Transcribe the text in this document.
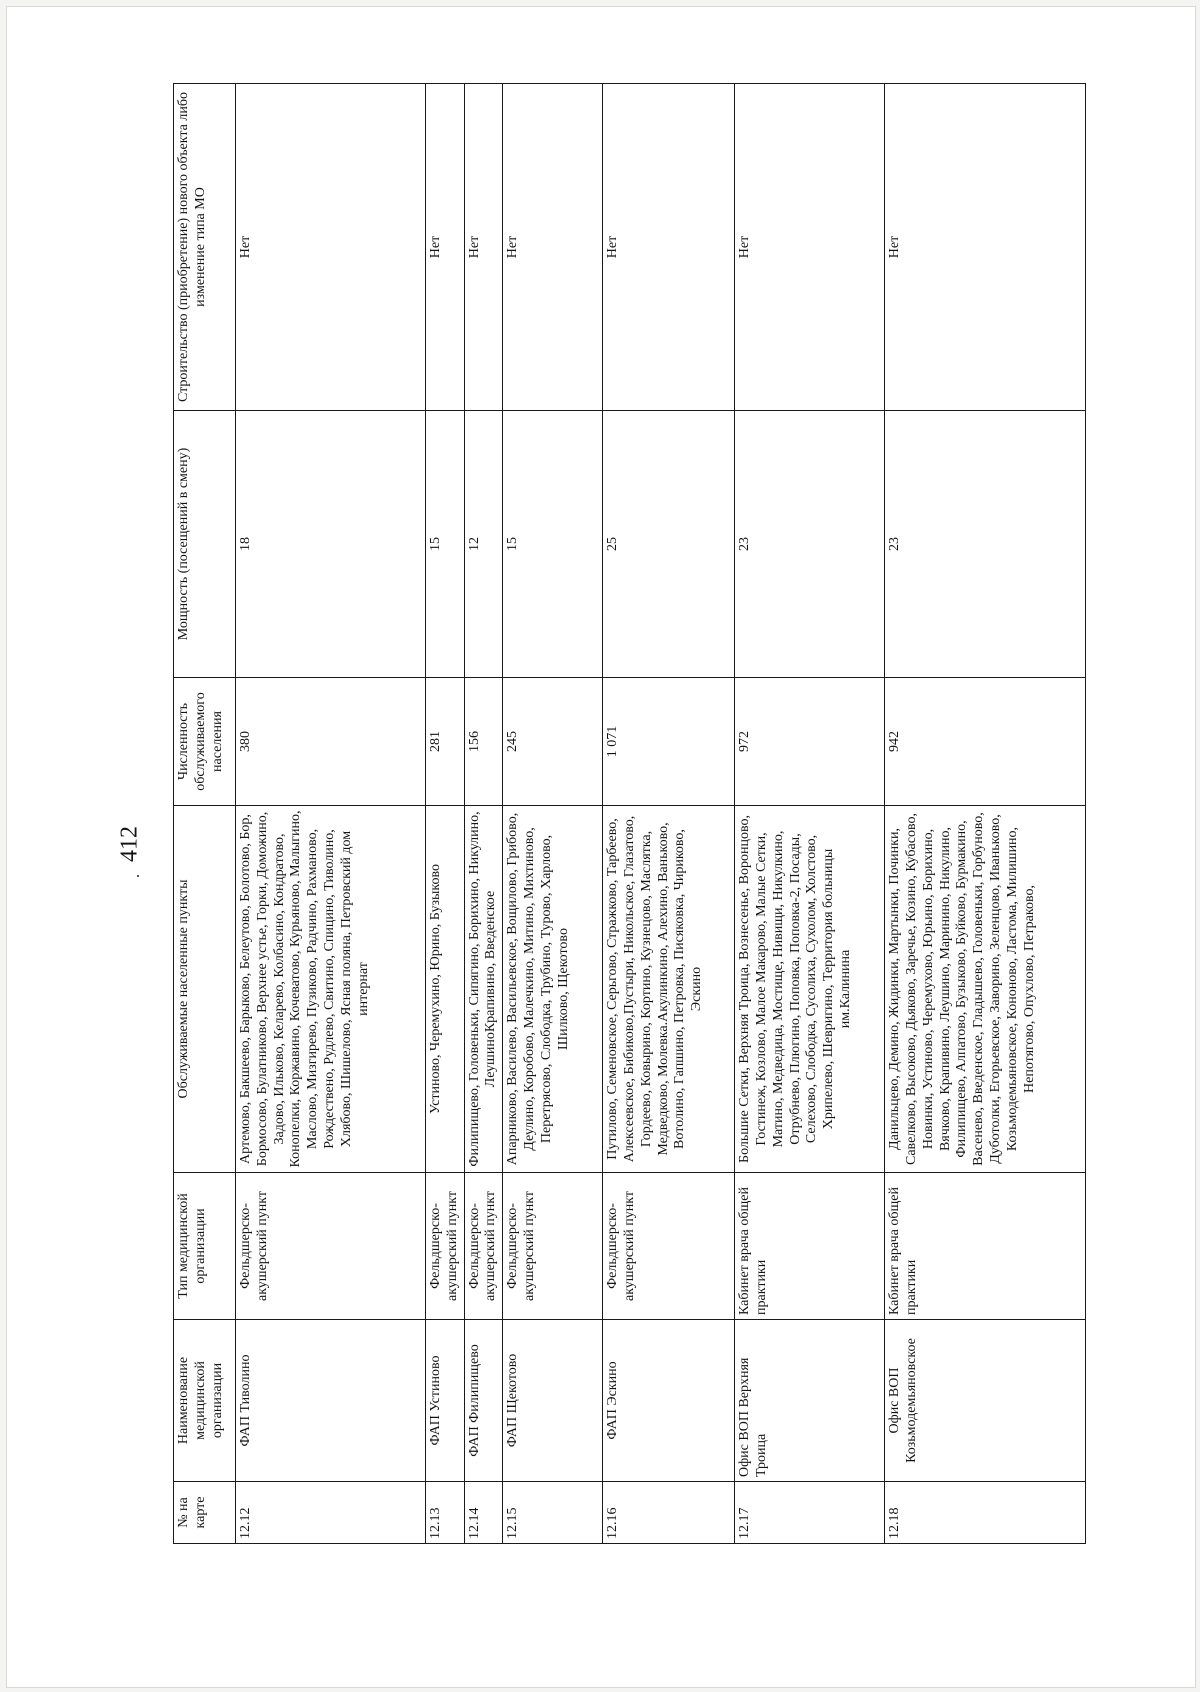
412
№ на карте	Наименование медицинской организации	Тип медицинской организации	Обслуживаемые населенные пункты	Численность обслуживаемого населения	Мощность (посещений в смену)	Строительство (приобретение) нового объекта либо изменение типа МО
12.12	ФАП Тиволино	Фельдшерско-акушерский пункт	Артемово, Бакшеево, Барыково, Белеутово, Болотово, Бор, Бормосово, Булатниково, Верхнее устье, Горки, Доможино, Задово, Ильково, Келарево, Колбасино, Кондратово, Конопелки, Коржавино, Кочеватово, Курьяново, Малыгино, Маслово, Мизгирево, Пузиково, Радчино, Рахманово, Рождествено, Рудлево, Свитино, Спицино, Тиволино, Хлябово, Шишелово, Ясная поляна, Петровский дом интернат	380	18	Нет
12.13	ФАП Устиново	Фельдшерско-акушерский пункт	Устиново, Черемухино, Юрино, Бузыково	281	15	Нет
12.14	ФАП Филипищево	Фельдшерско-акушерский пункт	Филипищево, Головеньки, Сипягино, Борихино, Никулино, ЛеушиноКрапивино, Введенское	156	12	Нет
12.15	ФАП Щекотово	Фельдшерско-акушерский пункт	Апарниково, Василево, Васильевское, Вощилово, Грибово, Деулино, Коробово, Малечкино, Митино, Михтиново, Перетрясово, Слободка, Трубино, Турово, Харлово, Шилково, Щекотово	245	15	Нет
12.16	ФАП Эскино	Фельдшерско-акушерский пункт	Путилово, Семеновское, Серьгово, Стражково, Тарбеево, Алексеевское, Бибиково,Пустыри, Никольское, Глазатово, Гордеево, Ковырино, Кортино, Кузнецово, Маслятка, Медведково, Молевка.Акулинкино, Алехино, Ваньково, Вотолино, Гапшино, Петровка, Писяковка, Чириково, Эскино	1 071	25	Нет
12.17	Офис ВОП Верхняя Троица	Кабинет врача общей практики	Большие Сетки, Верхняя Троица, Вознесенье, Воронцово, Гостинеж, Козлово, Малое Макарово, Малые Сетки, Матино, Медведица, Мостище, Нивищи, Никулкино, Отрубнево, Плюгино, Поповка, Поповка-2, Посады, Селехово, Слободка, Сусолиха, Сухолом, Холстово, Хрипелево, Шевригино, Территория больницы им.Калинина	972	23	Нет
12.18	Офис ВОП Козьмодемьяновское	Кабинет врача общей практики	Данильцево, Демино, Жидинки, Мартынки, Починки, Савелково, Высоково, Дьяково, Заречье, Козино, Кубасово, Новинки, Устиново, Черемухово, Юрьино, Борихино, Вячково, Крапивино, Леушино, Маринино, Никулино, Филипищево, Алпатово, Бузыково, Буйково, Бурмакино, Васенево, Введенское, Гладышево, Головеньки, Горбуново, Дуботолки, Егорьевское, Заворино, Зеленцово, Иваньково, Козьмодемьяновское, Кононово, Ластома, Милишино, Непотягово, Опухлово, Петраково,	942	23	Нет
